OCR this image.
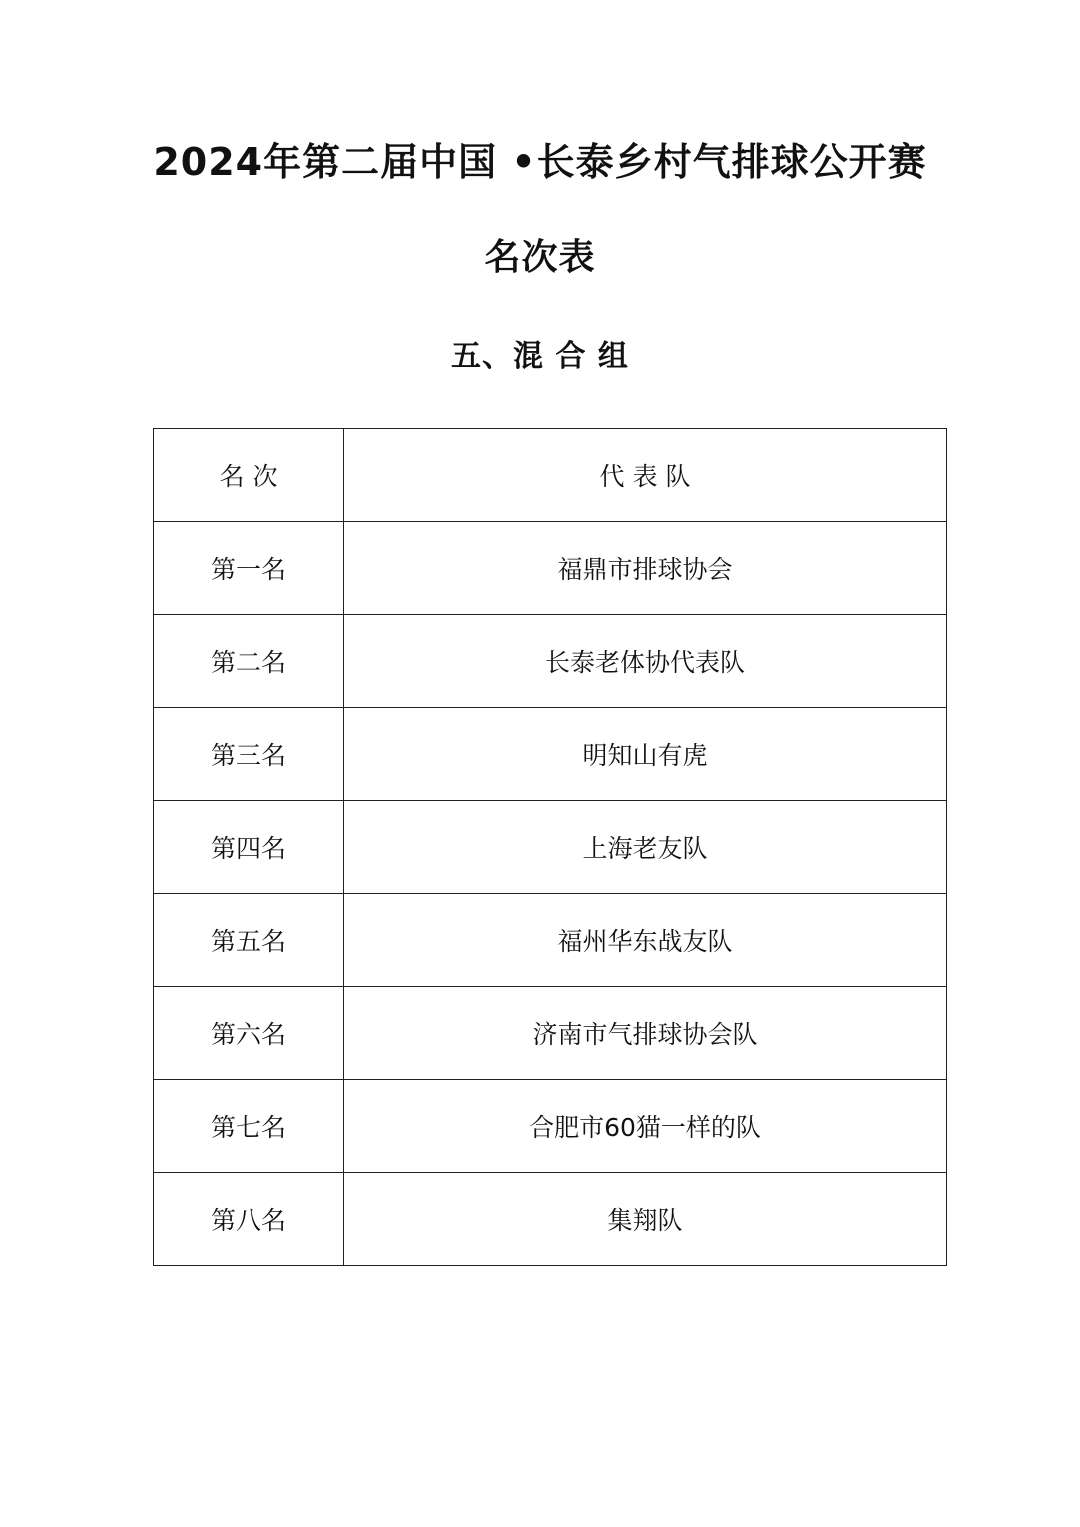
2024年第二届中国 •长泰乡村气排球公开赛
名次表
五、混 合 组
名 次	代 表 队
第一名	福鼎市排球协会
第二名	长泰老体协代表队
第三名	明知山有虎
第四名	上海老友队
第五名	福州华东战友队
第六名	济南市气排球协会队
第七名	合肥市60猫一样的队
第八名	集翔队
